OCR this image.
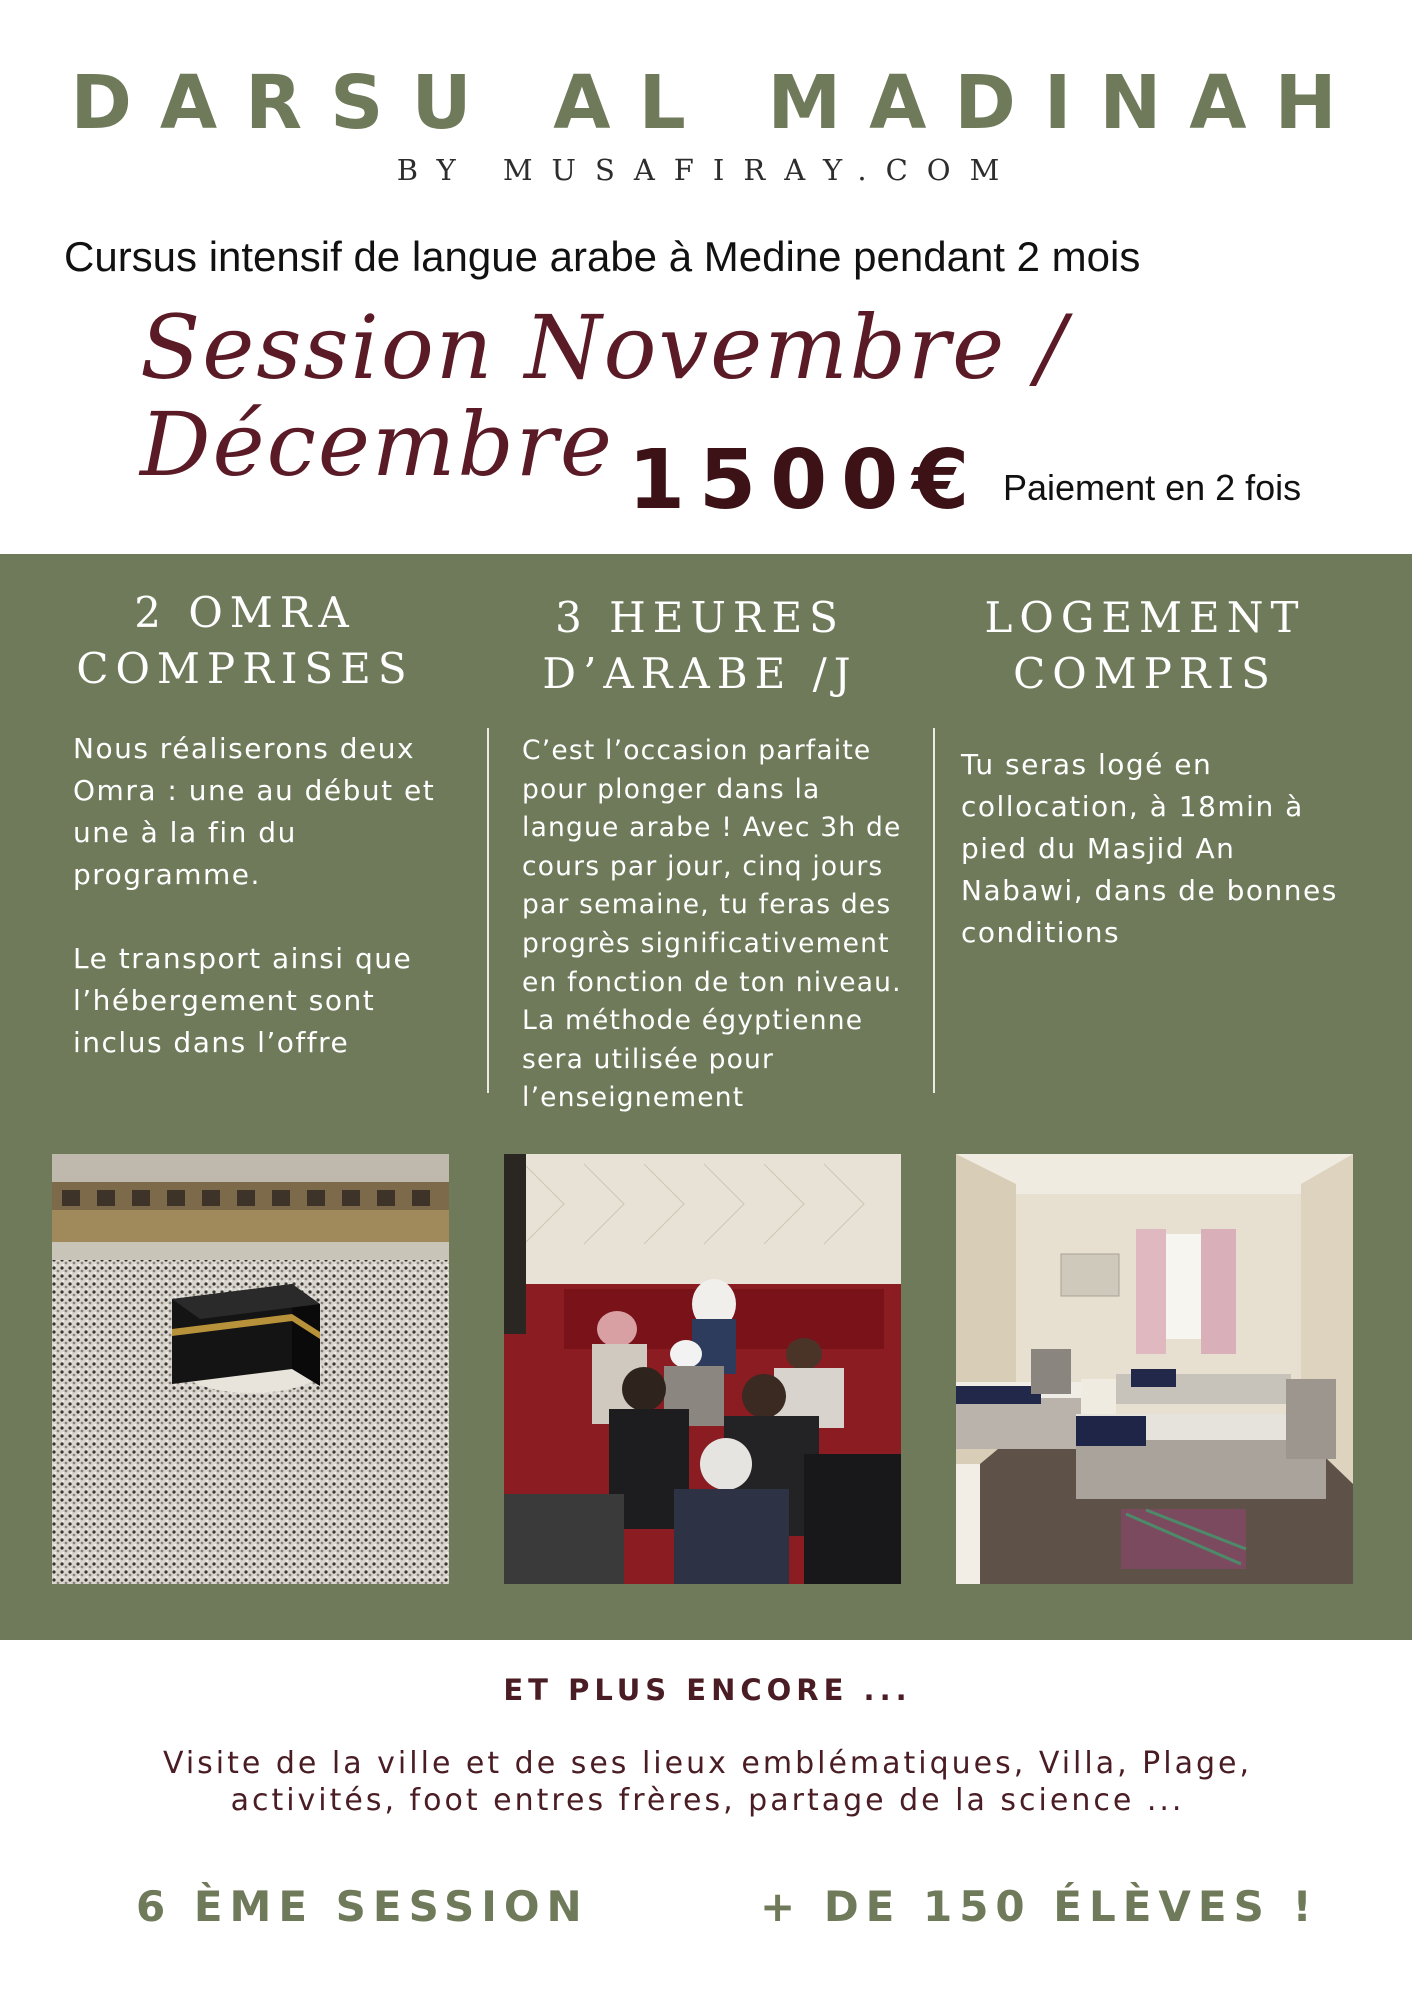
DARSU AL MADINAH
BY MUSAFIRAY.COM
Cursus intensif de langue arabe à Medine pendant 2 mois
Session Novembre / Décembre 1500€ Paiement en 2 fois
2 OMRA
COMPRISES
3 HEURES
D’ARABE /J
LOGEMENT
COMPRIS
Nous réaliserons deux
Omra : une au début et
une à la fin du
programme.

Le transport ainsi que
l’hébergement sont
inclus dans l’offre
C’est l’occasion parfaite
pour plonger dans la
langue arabe ! Avec 3h de
cours par jour, cinq jours
par semaine, tu feras des
progrès significativement
en fonction de ton niveau.
La méthode égyptienne
sera utilisée pour
l’enseignement
Tu seras logé en
collocation, à 18min à
pied du Masjid An
Nabawi, dans de bonnes
conditions
ET PLUS ENCORE ...
Visite de la ville et de ses lieux emblématiques, Villa, Plage,
activités, foot entres frères, partage de la science ...
6 ÈME SESSION	+ DE 150 ÉLÈVES !
